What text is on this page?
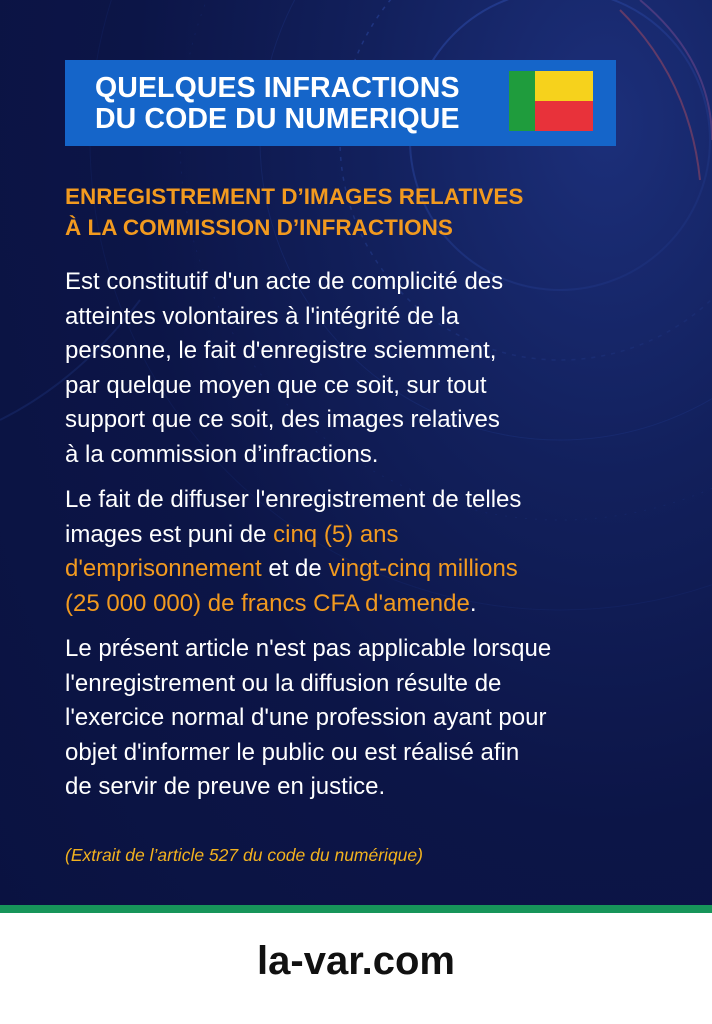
QUELQUES INFRACTIONS
DU CODE DU NUMERIQUE
ENREGISTREMENT D’IMAGES RELATIVES
À LA COMMISSION D’INFRACTIONS

Est constitutif d'un acte de complicité des
atteintes volontaires à l'intégrité de la
personne, le fait d'enregistre sciemment,
par quelque moyen que ce soit, sur tout
support que ce soit, des images relatives
à la commission d’infractions.

Le fait de diffuser l'enregistrement de telles
images est puni de cinq (5) ans
d'emprisonnement et de vingt-cinq millions
(25 000 000) de francs CFA d'amende.

Le présent article n'est pas applicable lorsque
l'enregistrement ou la diffusion résulte de
l'exercice normal d'une profession ayant pour
objet d'informer le public ou est réalisé afin
de servir de preuve en justice.

(Extrait de l’article 527 du code du numérique)

la-var.com
